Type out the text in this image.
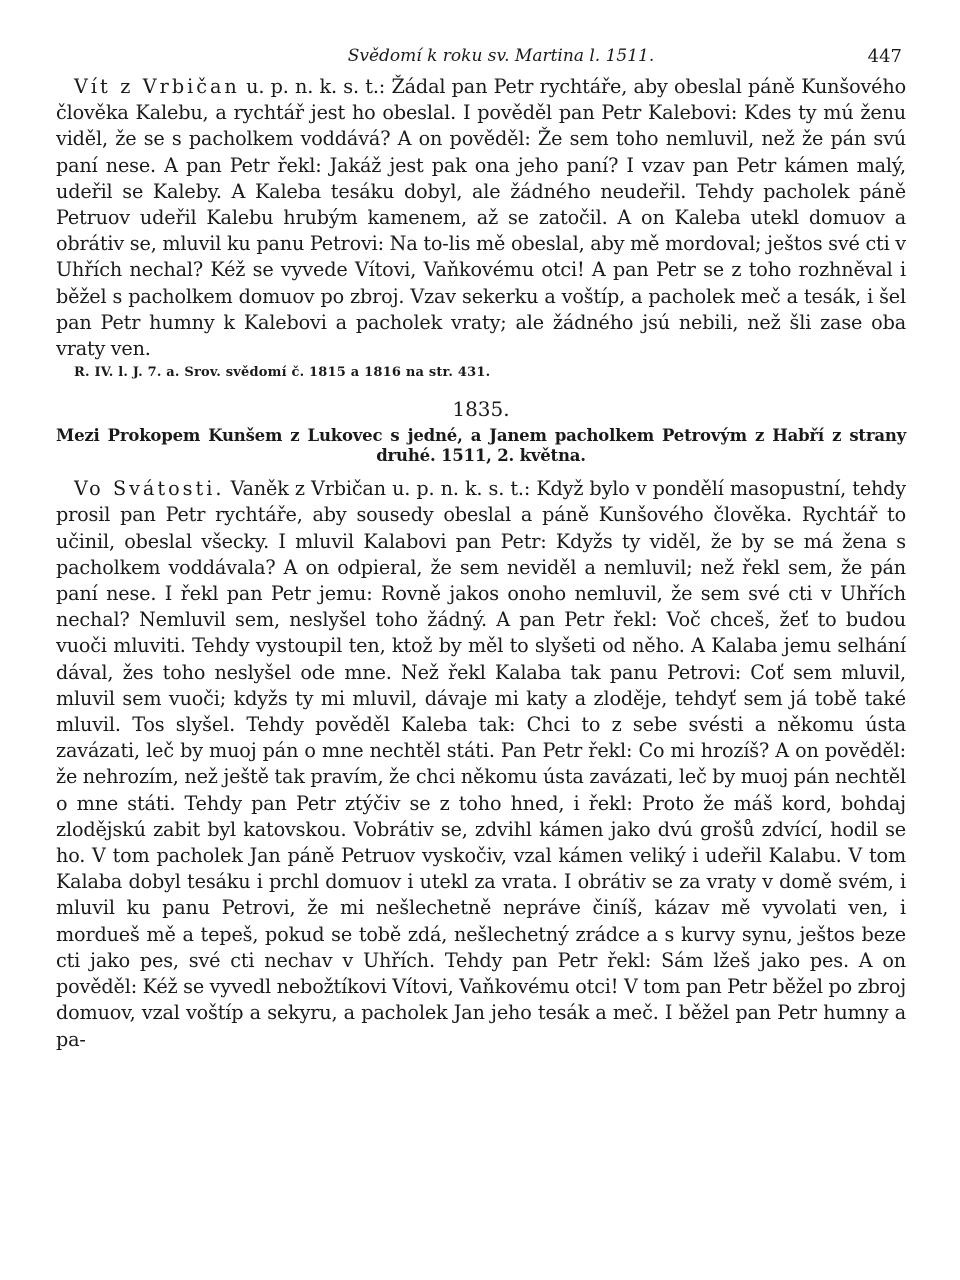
Svědomí k roku sv. Martina l. 1511.	447

Vít z Vrbičan u. p. n. k. s. t.: Žádal pan Petr rychtáře, aby obeslal páně Kunšového člověka Kalebu, a rychtář jest ho obeslal. I pověděl pan Petr Kalebovi: Kdes ty mú ženu viděl, že se s pacholkem voddává? A on pověděl: Že sem toho nemluvil, než že pán svú paní nese. A pan Petr řekl: Jakáž jest pak ona jeho paní? I vzav pan Petr kámen malý, udeřil se Kaleby. A Kaleba tesáku dobyl, ale žádného neudeřil. Tehdy pacholek páně Petruov udeřil Kalebu hrubým kamenem, až se zatočil. A on Kaleba utekl domuov a obrátiv se, mluvil ku panu Petrovi: Na to-lis mě obeslal, aby mě mordoval; ještos své cti v Uhřích nechal? Kéž se vyvede Vítovi, Vaňkovému otci! A pan Petr se z toho rozhněval i běžel s pacholkem domuov po zbroj. Vzav sekerku a voštíp, a pacholek meč a tesák, i šel pan Petr humny k Kalebovi a pacholek vraty; ale žádného jsú nebili, než šli zase oba vraty ven.

R. IV. l. J. 7. a. Srov. svědomí č. 1815 a 1816 na str. 431.

1835.

Mezi Prokopem Kunšem z Lukovec s jedné, a Janem pacholkem Petrovým z Habří z strany druhé. 1511, 2. května.

Vo Svátosti. Vaněk z Vrbičan u. p. n. k. s. t.: Když bylo v pondělí masopustní, tehdy prosil pan Petr rychtáře, aby sousedy obeslal a páně Kunšového člověka. Rychtář to učinil, obeslal všecky. I mluvil Kalabovi pan Petr: Kdyžs ty viděl, že by se má žena s pacholkem voddávala? A on odpieral, že sem neviděl a nemluvil; než řekl sem, že pán paní nese. I řekl pan Petr jemu: Rovně jakos onoho nemluvil, že sem své cti v Uhřích nechal? Nemluvil sem, neslyšel toho žádný. A pan Petr řekl: Voč chceš, žeť to budou vuoči mluviti. Tehdy vystoupil ten, ktož by měl to slyšeti od něho. A Kalaba jemu selhání dával, žes toho neslyšel ode mne. Než řekl Kalaba tak panu Petrovi: Coť sem mluvil, mluvil sem vuoči; kdyžs ty mi mluvil, dávaje mi katy a zloděje, tehdyť sem já tobě také mluvil. Tos slyšel. Tehdy pověděl Kaleba tak: Chci to z sebe svésti a někomu ústa zavázati, leč by muoj pán o mne nechtěl státi. Pan Petr řekl: Co mi hrozíš? A on pověděl: že nehrozím, než ještě tak pravím, že chci někomu ústa zavázati, leč by muoj pán nechtěl o mne státi. Tehdy pan Petr ztýčiv se z toho hned, i řekl: Proto že máš kord, bohdaj zlodějskú zabit byl katovskou. Vobrátiv se, zdvihl kámen jako dvú grošů zdvící, hodil se ho. V tom pacholek Jan páně Petruov vyskočiv, vzal kámen veliký i udeřil Kalabu. V tom Kalaba dobyl tesáku i prchl domuov i utekl za vrata. I obrátiv se za vraty v domě svém, i mluvil ku panu Petrovi, že mi nešlechetně nepráve činíš, kázav mě vyvolati ven, i mordueš mě a tepeš, pokud se tobě zdá, nešlechetný zrádce a s kurvy synu, ještos beze cti jako pes, své cti nechav v Uhřích. Tehdy pan Petr řekl: Sám lžeš jako pes. A on pověděl: Kéž se vyvedl nebožtíkovi Vítovi, Vaňkovému otci! V tom pan Petr běžel po zbroj domuov, vzal voštíp a sekyru, a pacholek Jan jeho tesák a meč. I běžel pan Petr humny a pa-
